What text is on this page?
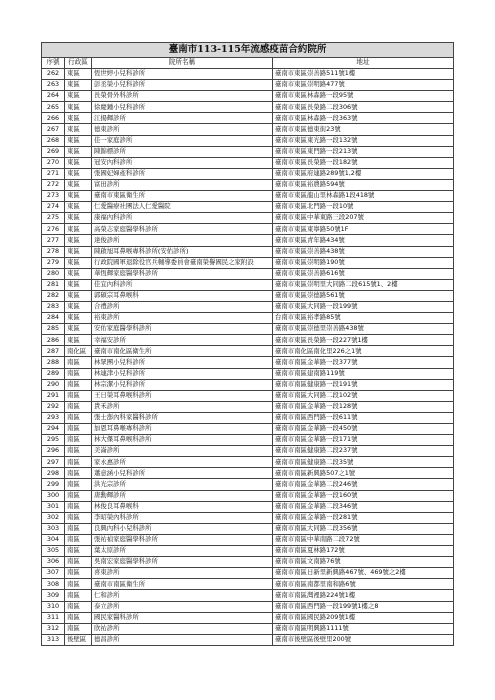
臺南市113-115年流感疫苗合約院所			
序號	行政區	院所名稱	地址
262	東區	恆世婷小兒科診所	臺南市東區崇善路511號1樓
263	東區	彭丞榮小兒科診所	臺南市東區崇明路477號
264	東區	長榮骨外科診所	臺南市東區林森路一段95號
265	東區	徐慶鍾小兒科診所	臺南市東區長榮路二段306號
266	東區	江揚輝診所	臺南市東區林森路一段363號
267	東區	德東診所	臺南市東區德東街23號
268	東區	佳一家庭診所	臺南市東區東光路一段132號
269	東區	陳錦標診所	臺南市東區東門路一段213號
270	東區	冠安內科診所	臺南市東區長榮路一段182號
271	東區	張國妃婦產科診所	臺南市東區府連路289號1,2樓
272	東區	富田診所	臺南市東區裕農路594號
273	東區	臺南市東區衛生所	臺南市東區龍山里林森路1段418號
274	東區	仁愛醫療社團法人仁愛醫院	臺南市東區北門路一段10號
275	東區	康福內科診所	臺南市東區中華東路三段207號
276	東區	高榮志家庭醫學科診所	臺南市東區東寧路50號1F
277	東區	達俊診所	臺南市東區青年路434號
278	東區	陳啟旭耳鼻喉專科診所(安佑診所)	臺南市東區崇善路438號
279	東區	行政院國軍退除役官兵輔導委員會臺南榮譽國民之家附設	臺南市東區崇明路190號
280	東區	華恆輝家庭醫學科診所	臺南市東區崇善路616號
281	東區	佳宜內科診所	臺南市東區崇明里大同路二段615號1、2樓
282	東區	郭碩宗耳鼻喉科	臺南市東區崇德路561號
283	東區	合禮診所	臺南市東區大同路一段199號
284	東區	裕東診所	台南市東區裕孝路85號
285	東區	安佑家庭醫學科診所	臺南市東區崇德里崇善路438號
286	東區	幸福安診所	臺南市東區長榮路一段227號1樓
287	南化區	臺南市南化區衛生所	臺南市南化區南化里226之1號
288	南區	林眾團小兒科診所	臺南市南區金華路一段377號
289	南區	林連津小兒科診所	臺南市南區建南路119號
290	南區	林宗潔小兒科診所	臺南市南區健康路一段191號
291	南區	王日榮耳鼻喉科診所	臺南市南區大同路二段102號
292	南區	貴禾診所	臺南市南區金華路一段128號
293	南區	張士澎內科家醫科診所	臺南市南區西門路一段611號
294	南區	加恩耳鼻喉專科診所	臺南市南區金華路一段450號
295	南區	林大傑耳鼻喉科診所	臺南市南區金華路一段171號
296	南區	美崙診所	臺南市南區健康路二段237號
297	南區	家永惠診所	臺南市南區健康路二段35號
298	南區	蕭意涵小兒科診所	臺南市南區新興路507之1號
299	南區	洪光宗診所	臺南市南區金華路二段246號
300	南區	唐勳輝診所	臺南市南區金華路一段160號
301	南區	林俊良耳鼻喉科	臺南市南區金華路二段346號
302	南區	李昭榮內科診所	臺南市南區金華路一段281號
303	南區	良興內科小兒科診所	臺南市南區大同路二段356號
304	南區	張祐禎家庭醫學科診所	臺南市南區中華南路二段72號
305	南區	葉太原診所	臺南市南區夏林路172號
306	南區	吳南宏家庭醫學科診所	臺南市南區文南路76號
307	南區	喜東診所	臺南市南區日新里新興路467號、469號之2樓
308	南區	臺南市南區衛生所	臺南市南區南都里南和路6號
309	南區	仁和診所	臺南市南區灣裡路224號1樓
310	南區	泰立診所	臺南市南區西門路一段199號1樓之8
311	南區	國民家醫科診所	臺南市南區國民路209號1樓
312	南區	欣祐診所	臺南市南區明興路1111號
313	後壁區	德昌診所	臺南市後壁區後壁里200號
